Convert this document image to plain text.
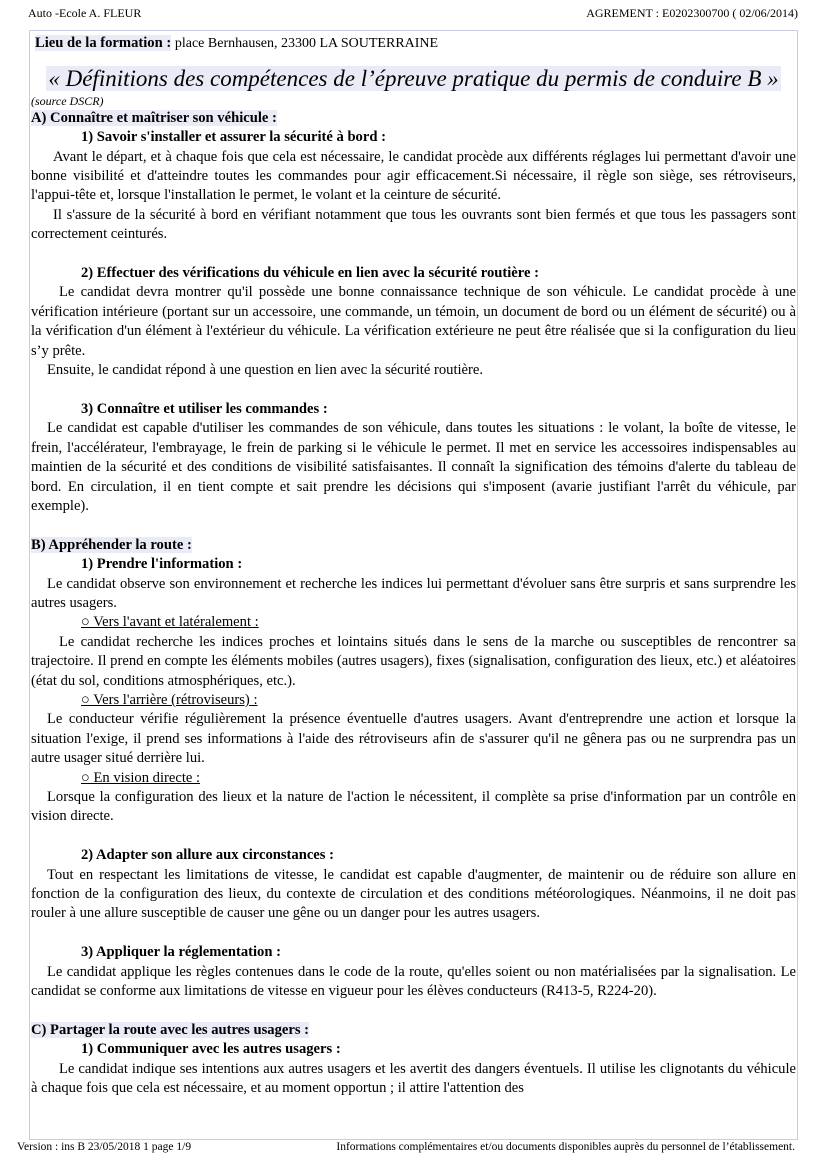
Auto -Ecole A. FLEUR	AGREMENT : E0202300700 ( 02/06/2014)
Lieu de la formation : place Bernhausen, 23300 LA SOUTERRAINE
« Définitions des compétences de l’épreuve pratique du permis de conduire B »
(source DSCR)
A) Connaître et maîtriser son véhicule :
1) Savoir s'installer et assurer la sécurité à bord :

Avant le départ, et à chaque fois que cela est nécessaire, le candidat procède aux différents réglages lui permettant d'avoir une bonne visibilité et d'atteindre toutes les commandes pour agir efficacement.Si nécessaire, il règle son siège, ses rétroviseurs, l'appui-tête et, lorsque l'installation le permet, le volant et la ceinture de sécurité.

Il s'assure de la sécurité à bord en vérifiant notamment que tous les ouvrants sont bien fermés et que tous les passagers sont correctement ceinturés.

2) Effectuer des vérifications du véhicule en lien avec la sécurité routière :

Le candidat devra montrer qu'il possède une bonne connaissance technique de son véhicule. Le candidat procède à une vérification intérieure (portant sur un accessoire, une commande, un témoin, un document de bord ou un élément de sécurité) ou à la vérification d'un élément à l'extérieur du véhicule. La vérification extérieure ne peut être réalisée que si la configuration du lieu s’y prête.

Ensuite, le candidat répond à une question en lien avec la sécurité routière.

3) Connaître et utiliser les commandes :

Le candidat est capable d'utiliser les commandes de son véhicule, dans toutes les situations : le volant, la boîte de vitesse, le frein, l'accélérateur, l'embrayage, le frein de parking si le véhicule le permet. Il met en service les accessoires indispensables au maintien de la sécurité et des conditions de visibilité satisfaisantes. Il connaît la signification des témoins d'alerte du tableau de bord. En circulation, il en tient compte et sait prendre les décisions qui s'imposent (avarie justifiant l'arrêt du véhicule, par exemple).

B) Appréhender la route :
1) Prendre l'information :

Le candidat observe son environnement et recherche les indices lui permettant d'évoluer sans être surpris et sans surprendre les autres usagers.

○ Vers l'avant et latéralement :

Le candidat recherche les indices proches et lointains situés dans le sens de la marche ou susceptibles de rencontrer sa trajectoire. Il prend en compte les éléments mobiles (autres usagers), fixes (signalisation, configuration des lieux, etc.) et aléatoires (état du sol, conditions atmosphériques, etc.).

○ Vers l'arrière (rétroviseurs) :

Le conducteur vérifie régulièrement la présence éventuelle d'autres usagers. Avant d'entreprendre une action et lorsque la situation l'exige, il prend ses informations à l'aide des rétroviseurs afin de s'assurer qu'il ne gênera pas ou ne surprendra pas un autre usager situé derrière lui.

○ En vision directe :

Lorsque la configuration des lieux et la nature de l'action le nécessitent, il complète sa prise d'information par un contrôle en vision directe.

2) Adapter son allure aux circonstances :

Tout en respectant les limitations de vitesse, le candidat est capable d'augmenter, de maintenir ou de réduire son allure en fonction de la configuration des lieux, du contexte de circulation et des conditions météorologiques. Néanmoins, il ne doit pas rouler à une allure susceptible de causer une gêne ou un danger pour les autres usagers.

3) Appliquer la réglementation :

Le candidat applique les règles contenues dans le code de la route, qu'elles soient ou non matérialisées par la signalisation. Le candidat se conforme aux limitations de vitesse en vigueur pour les élèves conducteurs (R413-5, R224-20).

C) Partager la route avec les autres usagers :
1) Communiquer avec les autres usagers :

Le candidat indique ses intentions aux autres usagers et les avertit des dangers éventuels. Il utilise les clignotants du véhicule à chaque fois que cela est nécessaire, et au moment opportun ; il attire l'attention des

Version : ins B 23/05/2018 1 page 1/9	Informations complémentaires et/ou documents disponibles auprès du personnel de l’établissement.
